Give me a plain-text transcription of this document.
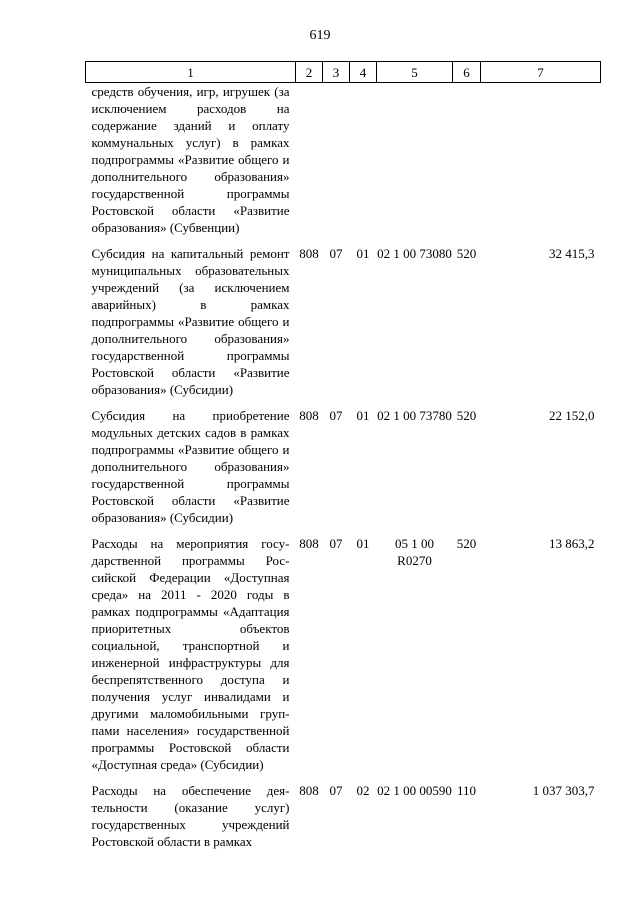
619
1	2	3	4	5	6	7
средств обучения, игр, игрушек (за исключением расходов на содержание зданий и оплату коммунальных услуг) в рамках подпрограммы «Развитие общего и дополнительного образования» государственной программы Ростовской области «Развитие образования» (Субвенции)						
Субсидия на капитальный ремонт муниципальных образовательных учреждений (за исключением аварийных) в рамках подпрограммы «Развитие общего и дополнительного образования» государственной программы Ростовской области «Развитие образования» (Субсидии)	808	07	01	02 1 00 73080	520	32 415,3
Субсидия на приобретение модульных детских садов в рамках подпрограммы «Развитие общего и дополнительного образования» государственной программы Ростовской области «Развитие образования» (Субсидии)	808	07	01	02 1 00 73780	520	22 152,0
Расходы на мероприятия государственной программы Российской Федерации «Доступная среда» на 2011 - 2020 годы в рамках подпрограммы «Адаптация приоритетных объектов социальной, транспортной и инженерной инфраструктуры для беспрепятственного доступа и получения услуг инвалидами и другими маломобильными группами населения» государственной программы Ростовской области «Доступная среда» (Субсидии)	808	07	01	05 1 00 R0270	520	13 863,2
Расходы на обеспечение деятельности (оказание услуг) государственных учреждений Ростовской области в рамках	808	07	02	02 1 00 00590	110	1 037 303,7
